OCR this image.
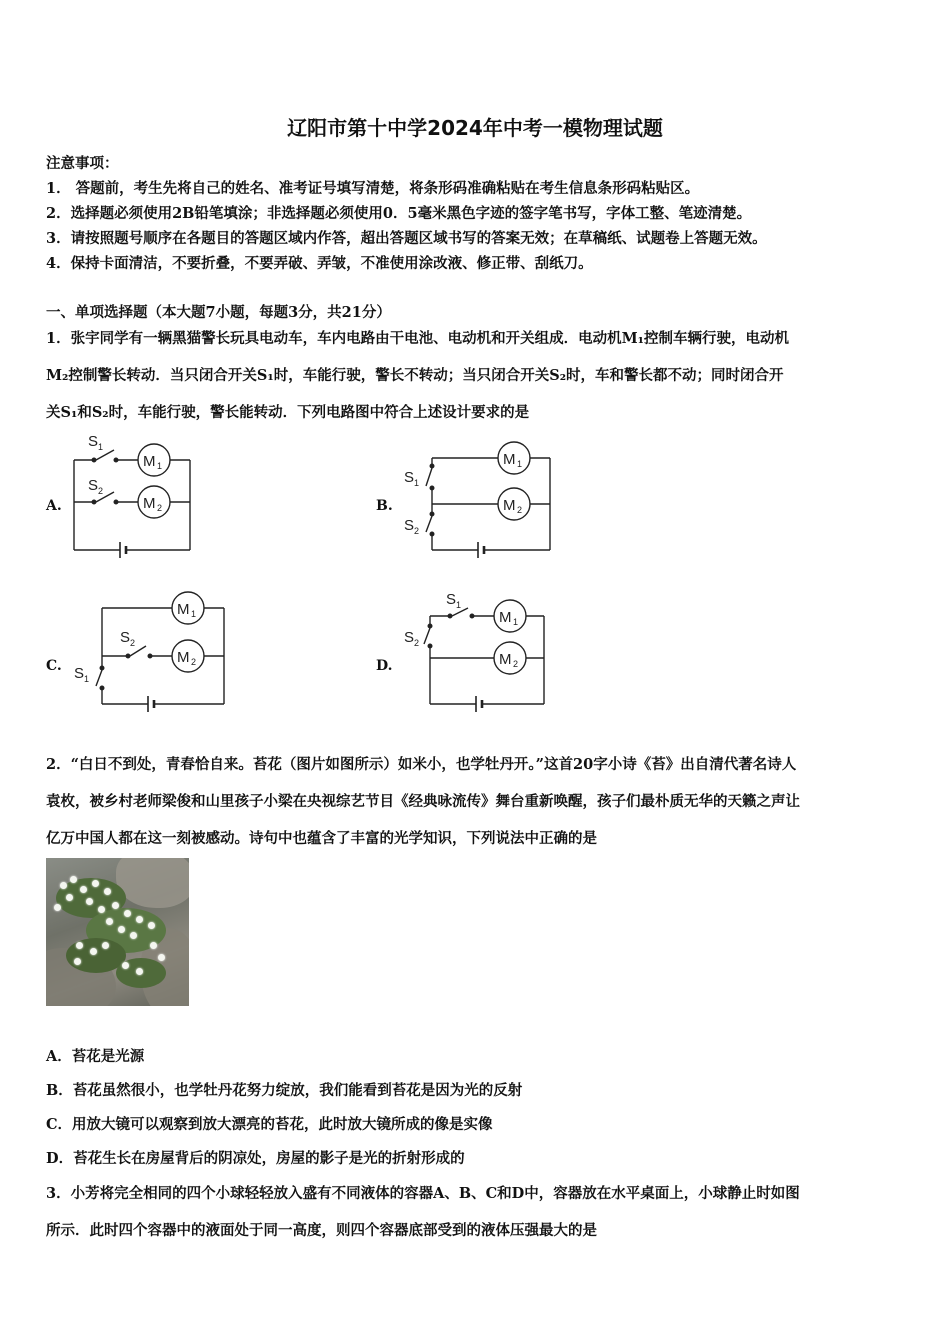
辽阳市第十中学2024年中考一模物理试题
注意事项：
1． 答题前，考生先将自己的姓名、准考证号填写清楚，将条形码准确粘贴在考生信息条形码粘贴区。
2．选择题必须使用2B铅笔填涂；非选择题必须使用0．5毫米黑色字迹的签字笔书写，字体工整、笔迹清楚。
3．请按照题号顺序在各题目的答题区域内作答，超出答题区域书写的答案无效；在草稿纸、试题卷上答题无效。
4．保持卡面清洁，不要折叠，不要弄破、弄皱，不准使用涂改液、修正带、刮纸刀。
一、单项选择题（本大题7小题，每题3分，共21分）
1．张宇同学有一辆黑猫警长玩具电动车，车内电路由干电池、电动机和开关组成．电动机M₁控制车辆行驶，电动机
M₂控制警长转动．当只闭合开关S₁时，车能行驶，警长不转动；当只闭合开关S₂时，车和警长都不动；同时闭合开
关S₁和S₂时，车能行驶，警长能转动．下列电路图中符合上述设计要求的是
A.
S 1
S 2
M 1
M 2	B.
S 1
S 2
M 1
M 2
C. S 1
S 2
M 1
M 2	D.
S 1
S 2
M 1
M 2
2．“白日不到处，青春恰自来。苔花（图片如图所示）如米小，也学牡丹开。”这首20字小诗《苔》出自清代著名诗人
袁枚，被乡村老师梁俊和山里孩子小梁在央视综艺节目《经典咏流传》舞台重新唤醒，孩子们最朴质无华的天籁之声让
亿万中国人都在这一刻被感动。诗句中也蕴含了丰富的光学知识，下列说法中正确的是
A．苔花是光源
B．苔花虽然很小，也学牡丹花努力绽放，我们能看到苔花是因为光的反射
C．用放大镜可以观察到放大漂亮的苔花，此时放大镜所成的像是实像
D．苔花生长在房屋背后的阴凉处，房屋的影子是光的折射形成的
3．小芳将完全相同的四个小球轻轻放入盛有不同液体的容器A、B、C和D中，容器放在水平桌面上，小球静止时如图
所示．此时四个容器中的液面处于同一高度，则四个容器底部受到的液体压强最大的是
